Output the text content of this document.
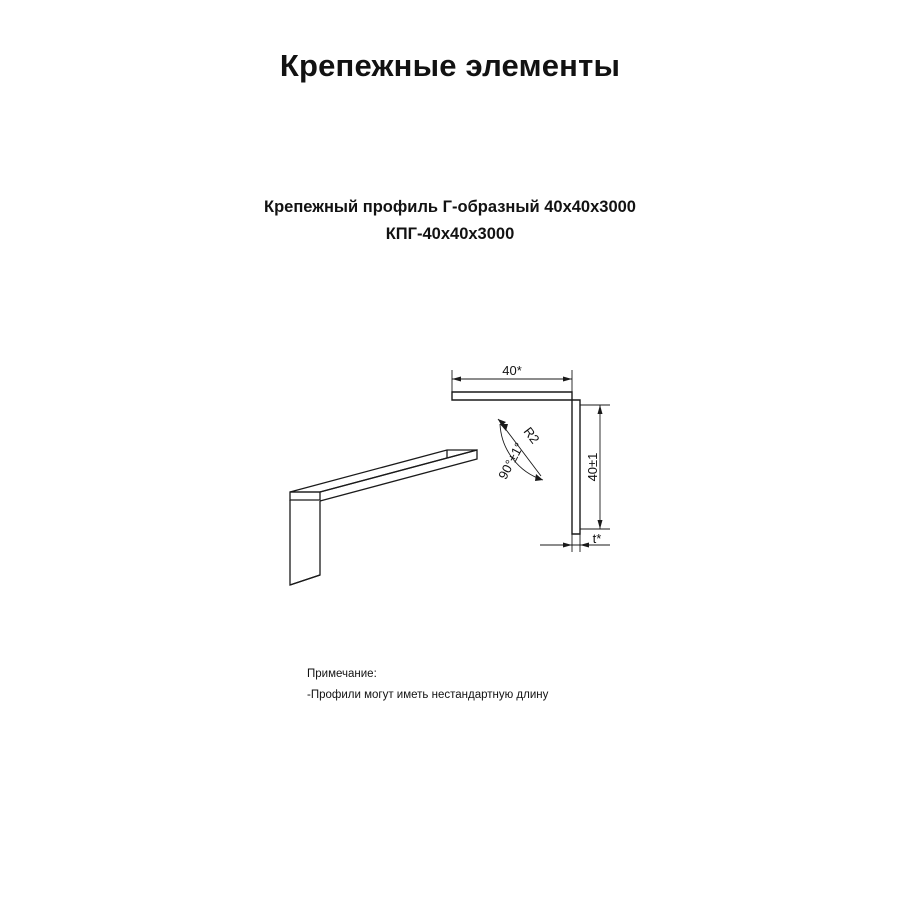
Крепежные элементы
Крепежный профиль Г-образный 40х40х3000
КПГ-40х40х3000
40*
40±1
t*
R2
90°±1°
Примечание:
-Профили могут иметь нестандартную длину
